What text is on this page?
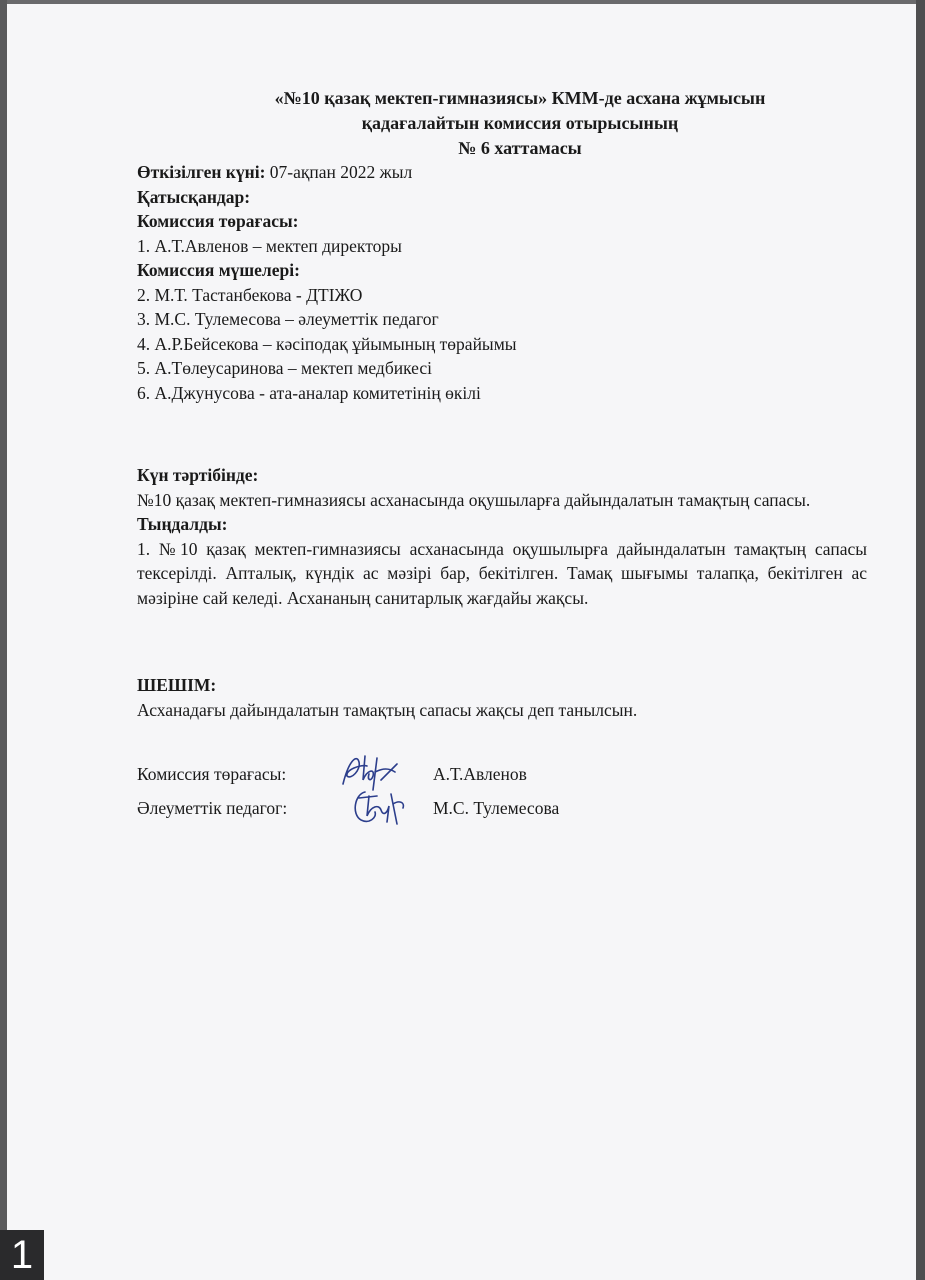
«№10 қазақ мектеп-гимназиясы» КММ-де асхана жұмысын
қадағалайтын комиссия отырысының
№ 6 хаттамасы
Өткізілген күні: 07-ақпан 2022 жыл
Қатысқандар:
Комиссия төрағасы:
1. А.Т.Авленов – мектеп директоры
Комиссия мүшелері:
2. М.Т. Тастанбекова - ДТІЖО
3. М.С. Тулемесова – әлеуметтік педагог
4. А.Р.Бейсекова – кәсіподақ ұйымының төрайымы
5. А.Төлеусаринова – мектеп медбикесі
6. А.Джунусова - ата-аналар комитетінің өкілі
Күн тәртібінде:
№10 қазақ мектеп-гимназиясы асханасында оқушыларға дайындалатын тамақтың сапасы.
Тыңдалды:
1. №10 қазақ мектеп-гимназиясы асханасында оқушылырға дайындалатын тамақтың сапасы тексерілді. Апталық, күндік ас мәзірі бар, бекітілген. Тамақ шығымы талапқа, бекітілген ас мәзіріне сай келеді. Асхананың санитарлық жағдайы жақсы.
ШЕШІМ:
Асханадағы дайындалатын тамақтың сапасы жақсы деп танылсын.
Комиссия төрағасы:	А.Т.Авленов
Әлеуметтік педагог:	М.С. Тулемесова
1
